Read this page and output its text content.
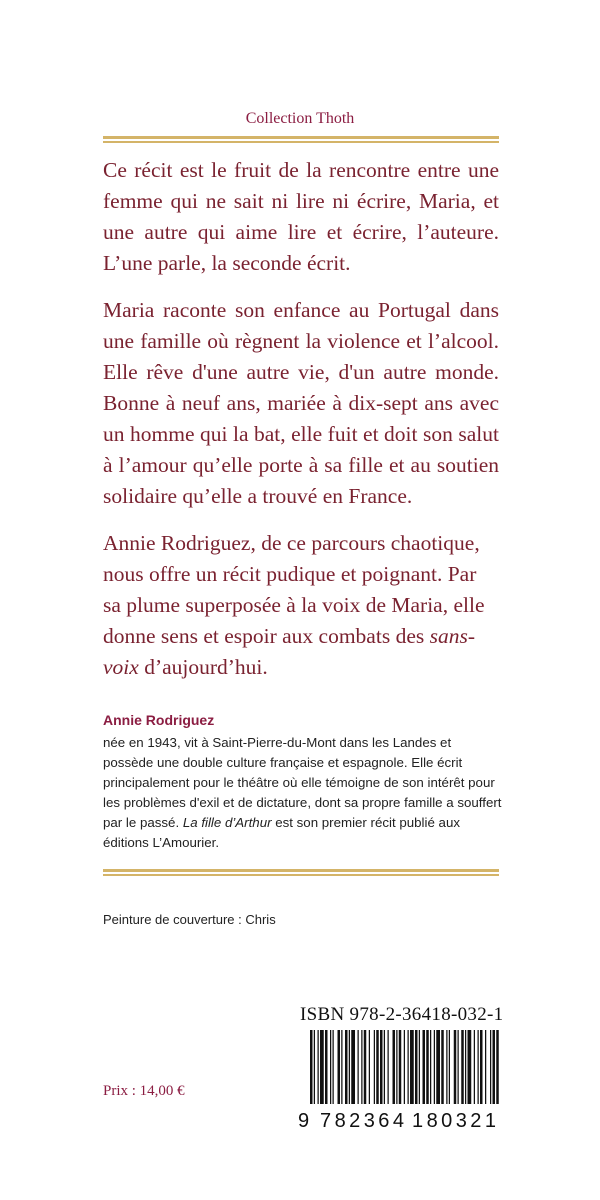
Collection Thoth

Ce récit est le fruit de la rencontre entre une femme qui ne sait ni lire ni écrire, Maria, et une autre qui aime lire et écrire, l’auteure. L’une parle, la seconde écrit.

Maria raconte son enfance au Portugal dans une famille où règnent la violence et l’alcool. Elle rêve d'une autre vie, d'un autre monde. Bonne à neuf ans, mariée à dix-sept ans avec un homme qui la bat, elle fuit et doit son salut à l’amour qu’elle porte à sa fille et au soutien solidaire qu’elle a trouvé en France.

Annie Rodriguez, de ce parcours chaotique, nous offre un récit pudique et poignant. Par sa plume superposée à la voix de Maria, elle donne sens et espoir aux combats des sans-voix d’aujourd’hui.

Annie Rodriguez
née en 1943, vit à Saint-Pierre-du-Mont dans les Landes et possède une double culture française et espagnole. Elle écrit principalement pour le théâtre où elle témoigne de son intérêt pour les problèmes d'exil et de dictature, dont sa propre famille a souffert par le passé. La fille d’Arthur est son premier récit publié aux éditions L’Amourier.
Peinture de couverture : Chris
ISBN 978-2-36418-032-1
9 782364 180321
Prix : 14,00 €
